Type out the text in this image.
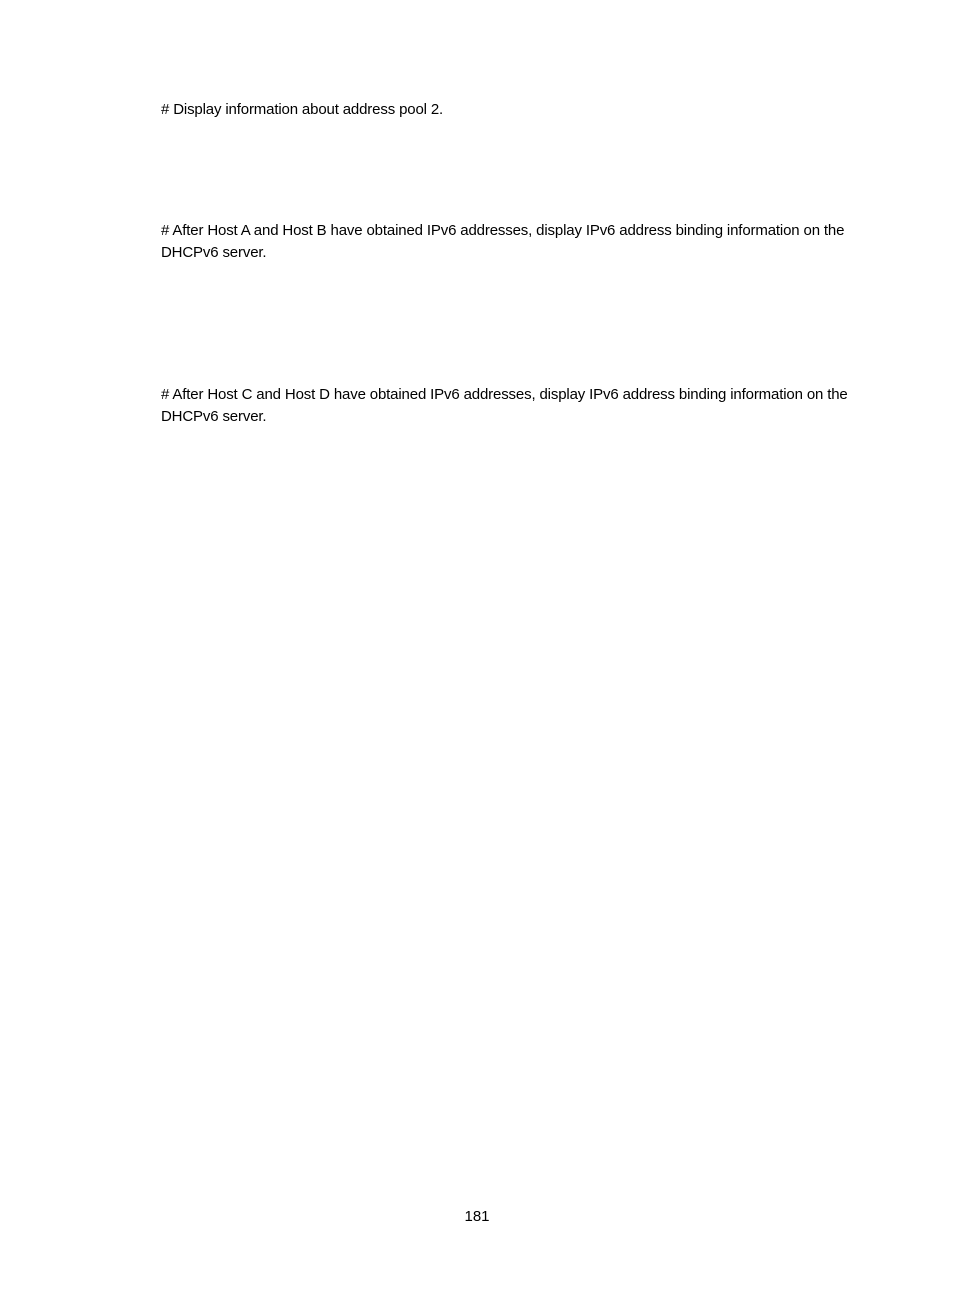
# Display information about address pool 2.

# After Host A and Host B have obtained IPv6 addresses, display IPv6 address binding information on the DHCPv6 server.

# After Host C and Host D have obtained IPv6 addresses, display IPv6 address binding information on the DHCPv6 server.

181
